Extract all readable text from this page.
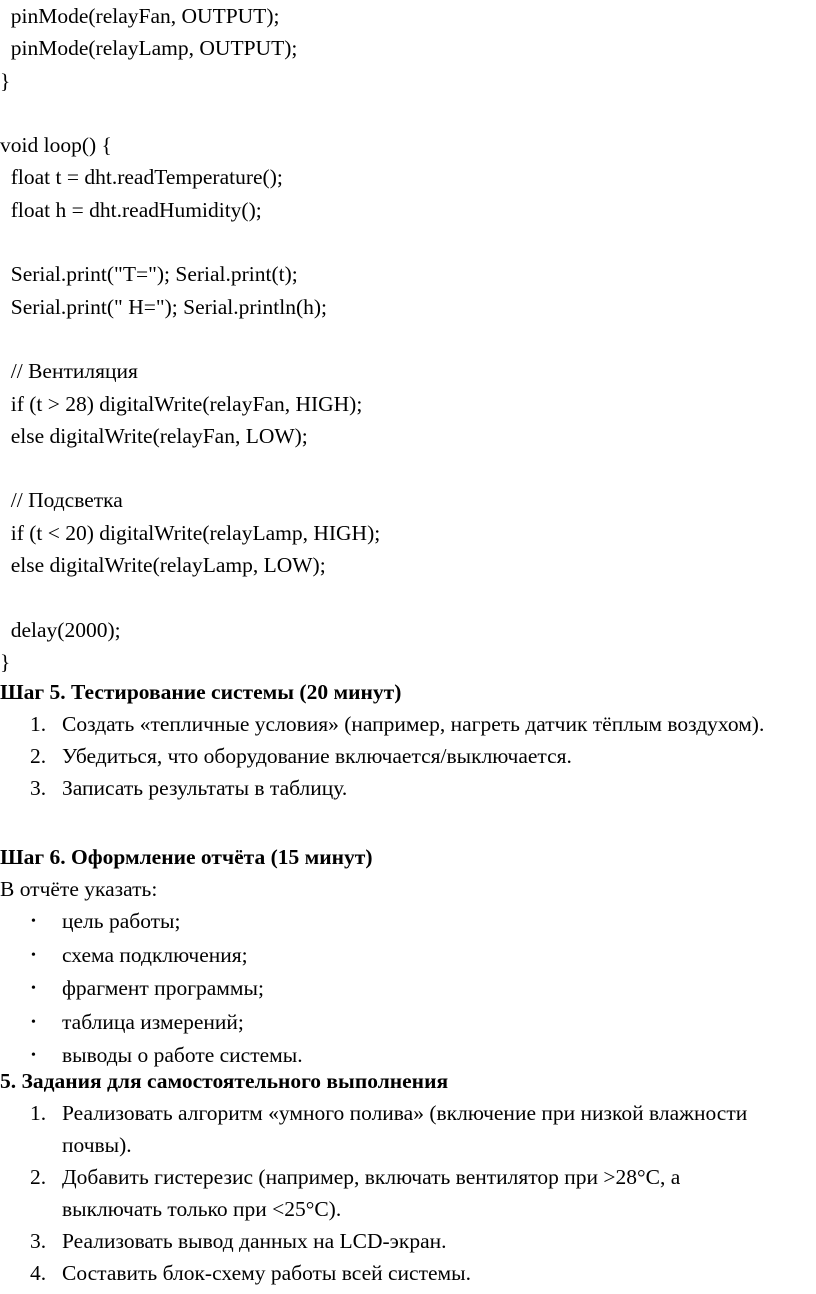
pinMode(relayFan, OUTPUT);
pinMode(relayLamp, OUTPUT);
}
void loop() {
float t = dht.readTemperature();
float h = dht.readHumidity();
Serial.print("T="); Serial.print(t);
Serial.print(" H="); Serial.println(h);
// Вентиляция
if (t > 28) digitalWrite(relayFan, HIGH);
else digitalWrite(relayFan, LOW);
// Подсветка
if (t < 20) digitalWrite(relayLamp, HIGH);
else digitalWrite(relayLamp, LOW);
delay(2000);
}
Шаг 5. Тестирование системы (20 минут)
1. Создать «тепличные условия» (например, нагреть датчик тёплым воздухом).
2. Убедиться, что оборудование включается/выключается.
3. Записать результаты в таблицу.
Шаг 6. Оформление отчёта (15 минут)
В отчёте указать:
• цель работы;
• схема подключения;
• фрагмент программы;
• таблица измерений;
• выводы о работе системы.
5. Задания для самостоятельного выполнения
1. Реализовать алгоритм «умного полива» (включение при низкой влажности почвы).
2. Добавить гистерезис (например, включать вентилятор при >28°C, а выключать только при <25°C).
3. Реализовать вывод данных на LCD-экран.
4. Составить блок-схему работы всей системы.
